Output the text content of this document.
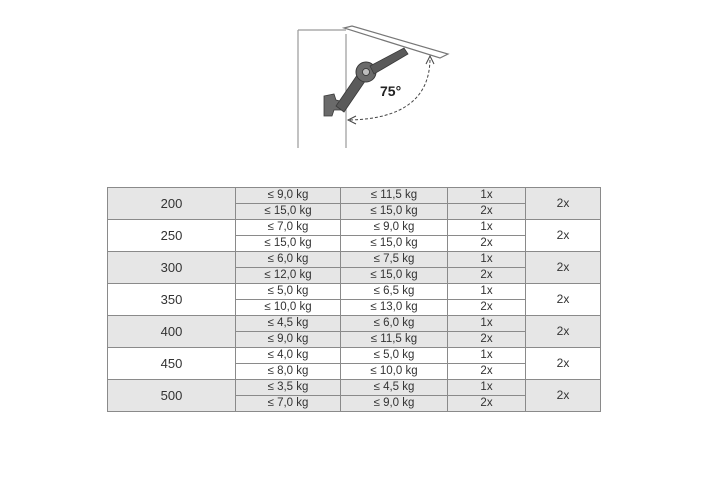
75°
200	≤ 9,0 kg	≤ 11,5 kg	1x	2x
	≤ 15,0 kg	≤ 15,0 kg	2x	
250	≤ 7,0 kg	≤ 9,0 kg	1x	2x
	≤ 15,0 kg	≤ 15,0 kg	2x	
300	≤ 6,0 kg	≤ 7,5 kg	1x	2x
	≤ 12,0 kg	≤ 15,0 kg	2x	
350	≤ 5,0 kg	≤ 6,5 kg	1x	2x
	≤ 10,0 kg	≤ 13,0 kg	2x	
400	≤ 4,5 kg	≤ 6,0 kg	1x	2x
	≤ 9,0 kg	≤ 11,5 kg	2x	
450	≤ 4,0 kg	≤ 5,0 kg	1x	2x
	≤ 8,0 kg	≤ 10,0 kg	2x	
500	≤ 3,5 kg	≤ 4,5 kg	1x	2x
	≤ 7,0 kg	≤ 9,0 kg	2x	
